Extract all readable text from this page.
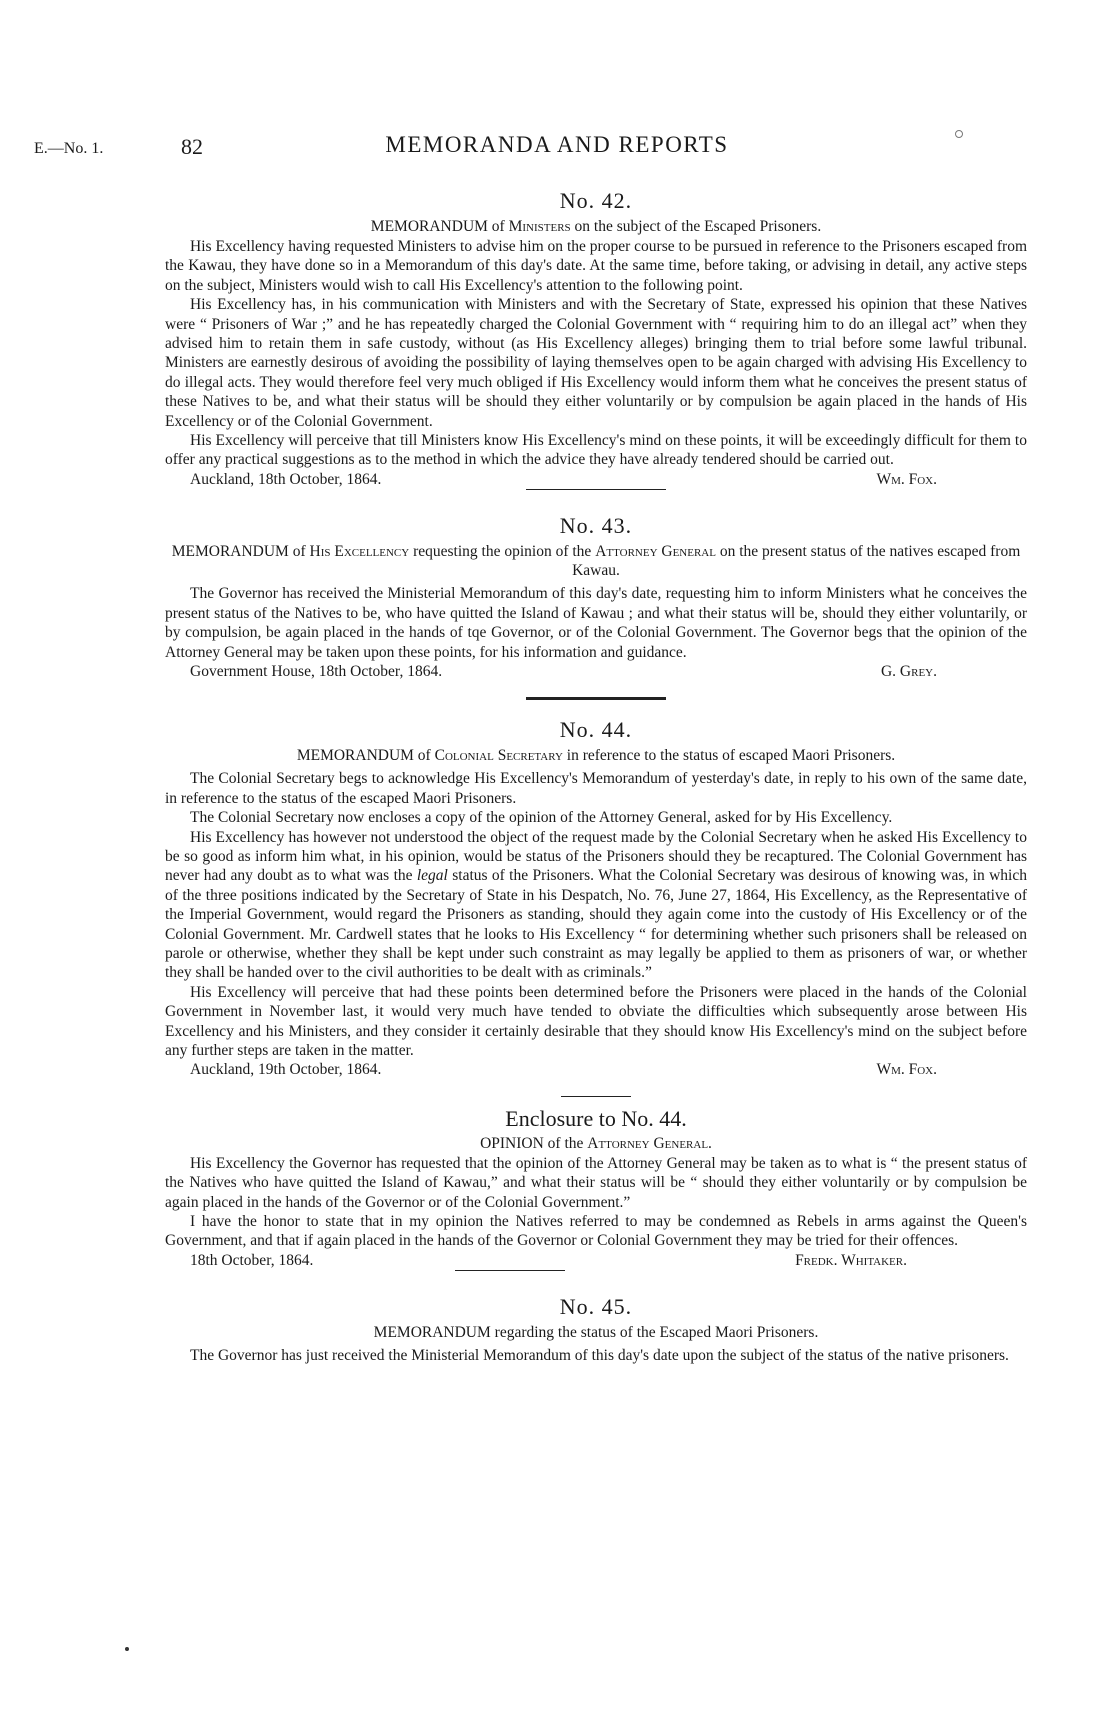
E.—No. 1.	82	MEMORANDA AND REPORTS
No. 42.
MEMORANDUM of Ministers on the subject of the Escaped Prisoners.

His Excellency having requested Ministers to advise him on the proper course to be pursued in reference to the Prisoners escaped from the Kawau, they have done so in a Memorandum of this day's date. At the same time, before taking, or advising in detail, any active steps on the subject, Ministers would wish to call His Excellency's attention to the following point.

His Excellency has, in his communication with Ministers and with the Secretary of State, expressed his opinion that these Natives were “ Prisoners of War ;” and he has repeatedly charged the Colonial Government with “ requiring him to do an illegal act” when they advised him to retain them in safe custody, without (as His Excellency alleges) bringing them to trial before some lawful tribunal. Ministers are earnestly desirous of avoiding the possibility of laying themselves open to be again charged with advising His Excellency to do illegal acts. They would therefore feel very much obliged if His Excellency would inform them what he conceives the present status of these Natives to be, and what their status will be should they either voluntarily or by compulsion be again placed in the hands of His Excellency or of the Colonial Government.

His Excellency will perceive that till Ministers know His Excellency's mind on these points, it will be exceedingly difficult for them to offer any practical suggestions as to the method in which the advice they have already tendered should be carried out.

Auckland, 18th October, 1864.	Wm. Fox.
No. 43.
MEMORANDUM of His Excellency requesting the opinion of the Attorney General on the present status of the natives escaped from Kawau.

The Governor has received the Ministerial Memorandum of this day's date, requesting him to inform Ministers what he conceives the present status of the Natives to be, who have quitted the Island of Kawau ; and what their status will be, should they either voluntarily, or by compulsion, be again placed in the hands of tqe Governor, or of the Colonial Government. The Governor begs that the opinion of the Attorney General may be taken upon these points, for his information and guidance.

Government House, 18th October, 1864.	G. Grey.
No. 44.
MEMORANDUM of Colonial Secretary in reference to the status of escaped Maori Prisoners.

The Colonial Secretary begs to acknowledge His Excellency's Memorandum of yesterday's date, in reply to his own of the same date, in reference to the status of the escaped Maori Prisoners.

The Colonial Secretary now encloses a copy of the opinion of the Attorney General, asked for by His Excellency.

His Excellency has however not understood the object of the request made by the Colonial Secretary when he asked His Excellency to be so good as inform him what, in his opinion, would be status of the Prisoners should they be recaptured. The Colonial Government has never had any doubt as to what was the legal status of the Prisoners. What the Colonial Secretary was desirous of knowing was, in which of the three positions indicated by the Secretary of State in his Despatch, No. 76, June 27, 1864, His Excellency, as the Representative of the Imperial Government, would regard the Prisoners as standing, should they again come into the custody of His Excellency or of the Colonial Government. Mr. Cardwell states that he looks to His Excellency “ for determining whether such prisoners shall be released on parole or otherwise, whether they shall be kept under such constraint as may legally be applied to them as prisoners of war, or whether they shall be handed over to the civil authorities to be dealt with as criminals.”

His Excellency will perceive that had these points been determined before the Prisoners were placed in the hands of the Colonial Government in November last, it would very much have tended to obviate the difficulties which subsequently arose between His Excellency and his Ministers, and they consider it certainly desirable that they should know His Excellency's mind on the subject before any further steps are taken in the matter.

Auckland, 19th October, 1864.	Wm. Fox.
Enclosure to No. 44.
OPINION of the Attorney General.

His Excellency the Governor has requested that the opinion of the Attorney General may be taken as to what is “ the present status of the Natives who have quitted the Island of Kawau,” and what their status will be “ should they either voluntarily or by compulsion be again placed in the hands of the Governor or of the Colonial Government.”

I have the honor to state that in my opinion the Natives referred to may be condemned as Rebels in arms against the Queen's Government, and that if again placed in the hands of the Governor or Colonial Government they may be tried for their offences.

18th October, 1864.	Fredk. Whitaker.
No. 45.
MEMORANDUM regarding the status of the Escaped Maori Prisoners.

The Governor has just received the Ministerial Memorandum of this day's date upon the subject of the status of the native prisoners.
